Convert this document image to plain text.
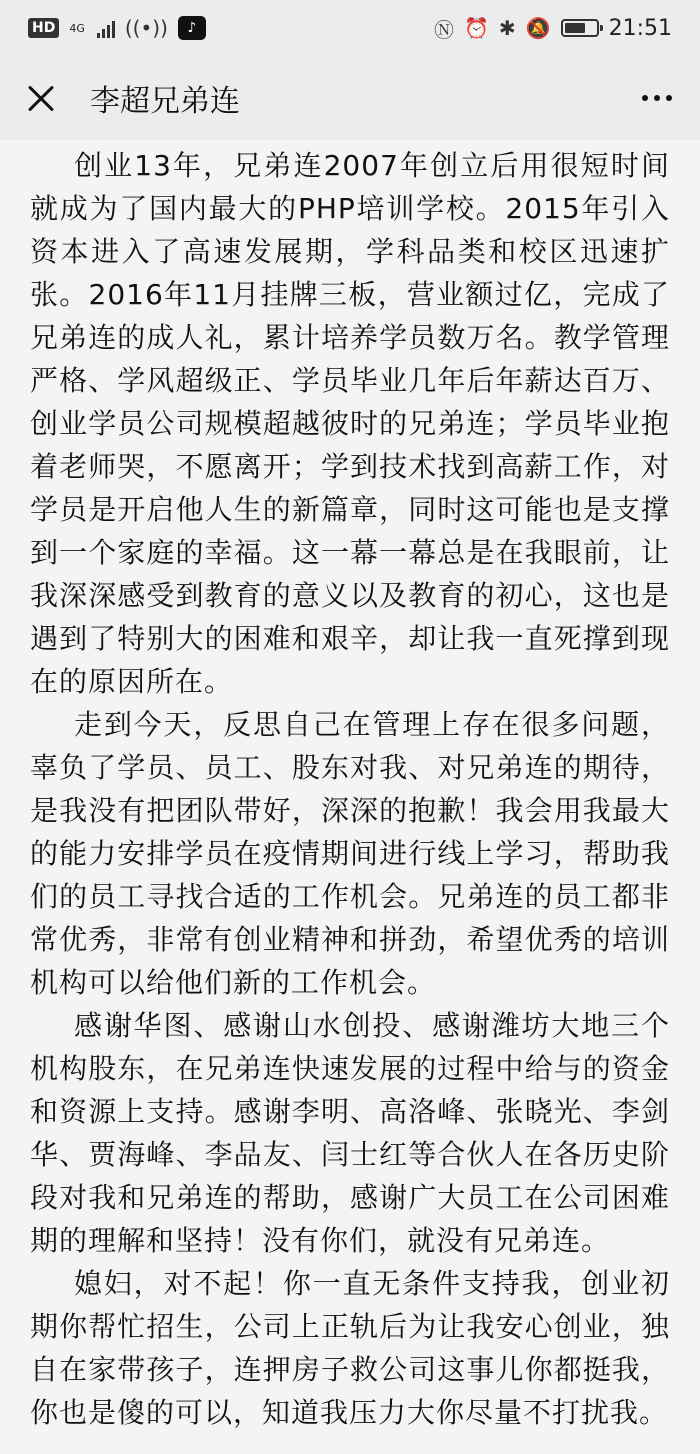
HD	4G ((•))	♪	Ⓝ ⏰ ✱ 🔕	21:51
李超兄弟连

创业13年，兄弟连2007年创立后用很短时间就成为了国内最大的PHP培训学校。2015年引入资本进入了高速发展期，学科品类和校区迅速扩张。2016年11月挂牌三板，营业额过亿，完成了兄弟连的成人礼，累计培养学员数万名。教学管理严格、学风超级正、学员毕业几年后年薪达百万、创业学员公司规模超越彼时的兄弟连；学员毕业抱着老师哭，不愿离开；学到技术找到高薪工作，对学员是开启他人生的新篇章，同时这可能也是支撑到一个家庭的幸福。这一幕一幕总是在我眼前，让我深深感受到教育的意义以及教育的初心，这也是遇到了特别大的困难和艰辛，却让我一直死撑到现在的原因所在。

走到今天，反思自己在管理上存在很多问题，辜负了学员、员工、股东对我、对兄弟连的期待，是我没有把团队带好，深深的抱歉！我会用我最大的能力安排学员在疫情期间进行线上学习，帮助我们的员工寻找合适的工作机会。兄弟连的员工都非常优秀，非常有创业精神和拼劲，希望优秀的培训机构可以给他们新的工作机会。

感谢华图、感谢山水创投、感谢潍坊大地三个机构股东，在兄弟连快速发展的过程中给与的资金和资源上支持。感谢李明、高洛峰、张晓光、李剑华、贾海峰、李品友、闫士红等合伙人在各历史阶段对我和兄弟连的帮助，感谢广大员工在公司困难期的理解和坚持！没有你们，就没有兄弟连。

媳妇，对不起！你一直无条件支持我，创业初期你帮忙招生，公司上正轨后为让我安心创业，独自在家带孩子，连押房子救公司这事儿你都挺我，你也是傻的可以，知道我压力大你尽量不打扰我。
